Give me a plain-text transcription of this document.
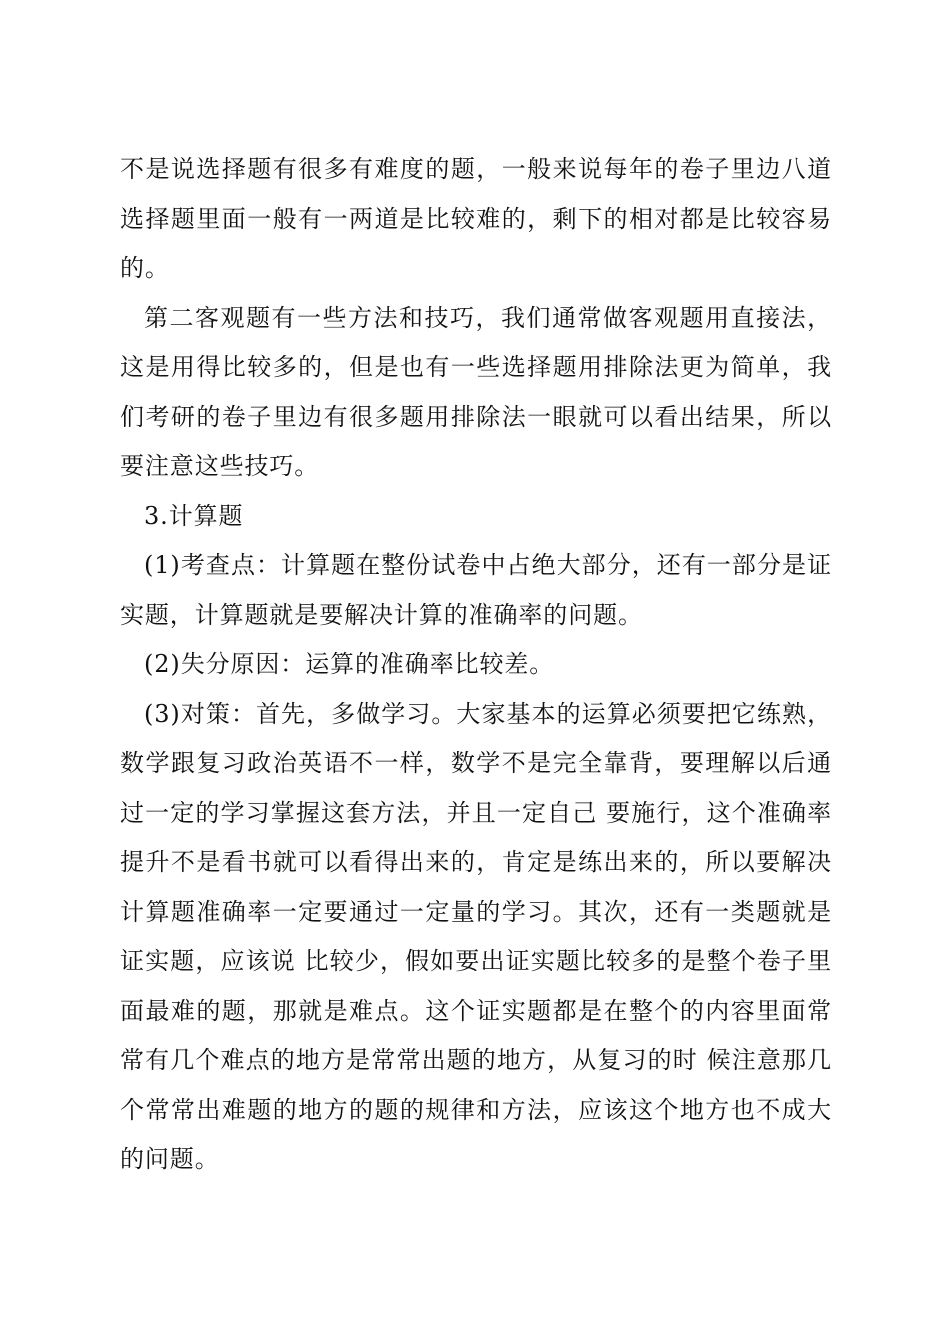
不是说选择题有很多有难度的题，一般来说每年的卷子里边八道选择题里面一般有一两道是比较难的，剩下的相对都是比较容易的。

第二客观题有一些方法和技巧，我们通常做客观题用直接法，这是用得比较多的，但是也有一些选择题用排除法更为简单，我们考研的卷子里边有很多题用排除法一眼就可以看出结果，所以要注意这些技巧。

3.计算题

(1)考查点：计算题在整份试卷中占绝大部分，还有一部分是证实题，计算题就是要解决计算的准确率的问题。

(2)失分原因：运算的准确率比较差。

(3)对策：首先，多做学习。大家基本的运算必须要把它练熟，数学跟复习政治英语不一样，数学不是完全靠背，要理解以后通过一定的学习掌握这套方法，并且一定自己 要施行，这个准确率提升不是看书就可以看得出来的，肯定是练出来的，所以要解决计算题准确率一定要通过一定量的学习。其次，还有一类题就是证实题，应该说 比较少，假如要出证实题比较多的是整个卷子里面最难的题，那就是难点。这个证实题都是在整个的内容里面常常有几个难点的地方是常常出题的地方，从复习的时 候注意那几个常常出难题的地方的题的规律和方法，应该这个地方也不成大的问题。
